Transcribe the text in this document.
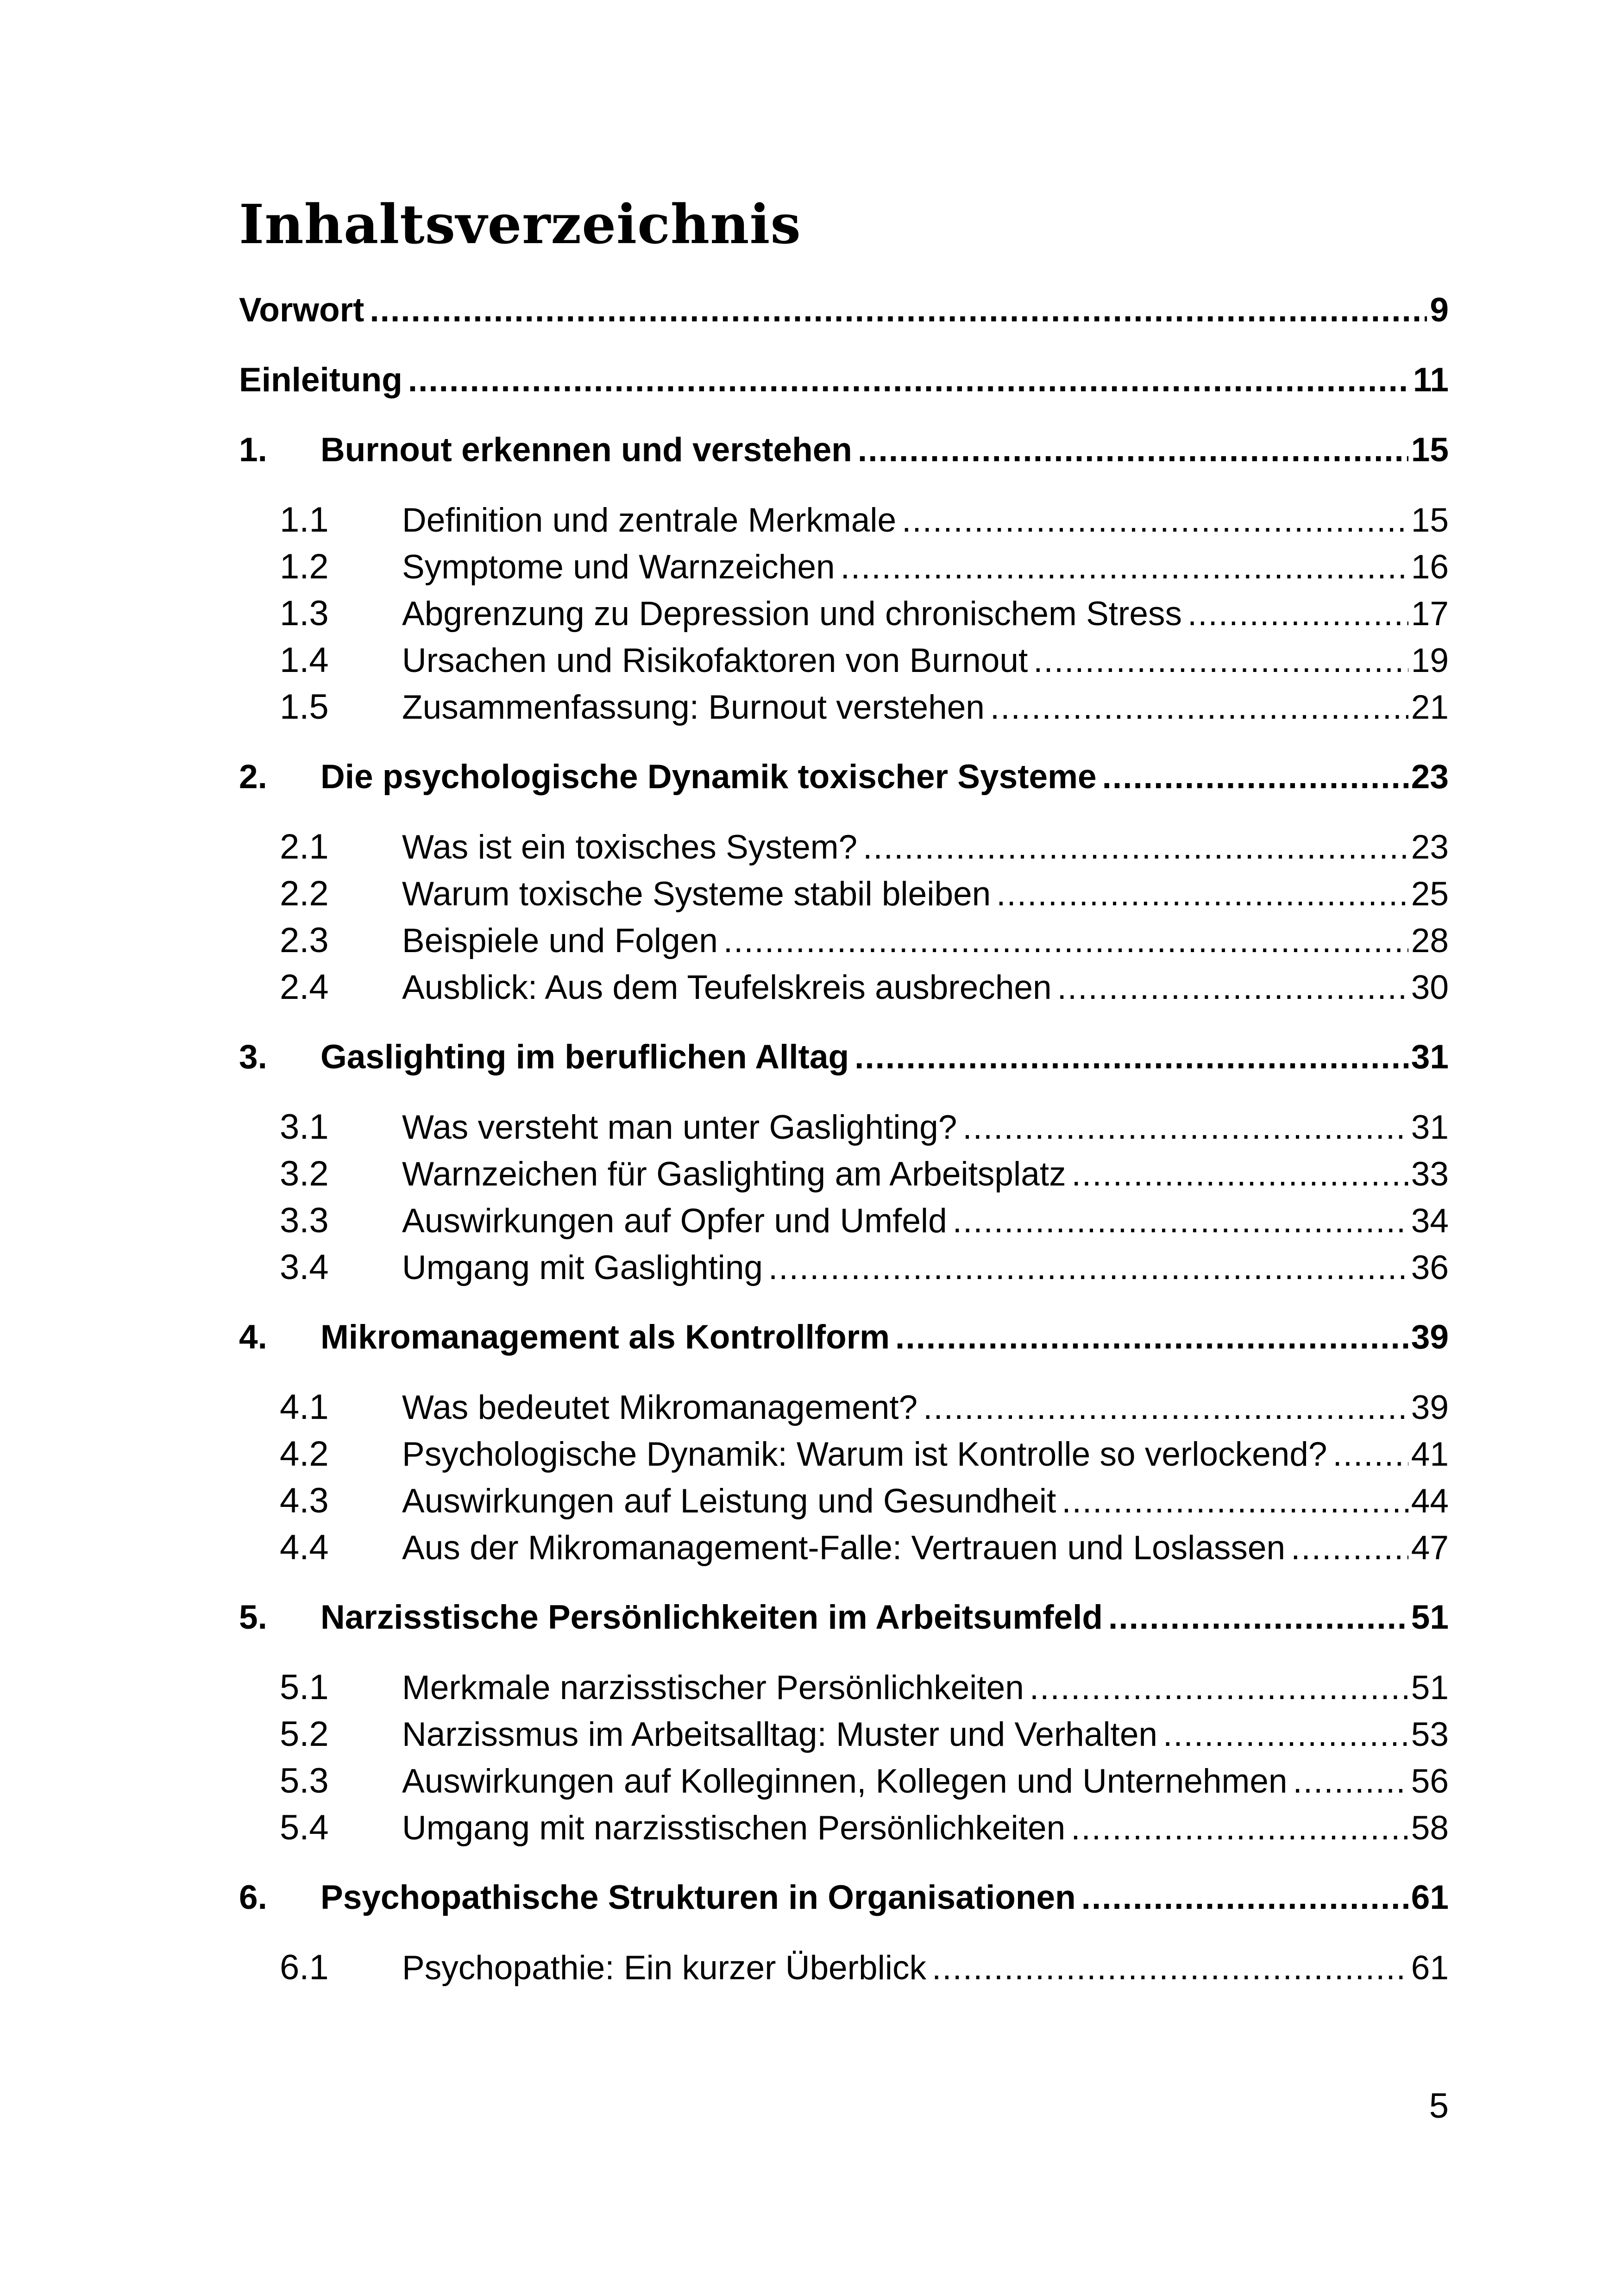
Inhaltsverzeichnis
Vorwort .....	9
Einleitung .....	11
1.	Burnout erkennen und verstehen .....	15
1.1	Definition und zentrale Merkmale .....	15
1.2	Symptome und Warnzeichen .....	16
1.3	Abgrenzung zu Depression und chronischem Stress .....	17
1.4	Ursachen und Risikofaktoren von Burnout .....	19
1.5	Zusammenfassung: Burnout verstehen .....	21
2.	Die psychologische Dynamik toxischer Systeme .....	23
2.1	Was ist ein toxisches System? .....	23
2.2	Warum toxische Systeme stabil bleiben .....	25
2.3	Beispiele und Folgen .....	28
2.4	Ausblick: Aus dem Teufelskreis ausbrechen .....	30
3.	Gaslighting im beruflichen Alltag .....	31
3.1	Was versteht man unter Gaslighting? .....	31
3.2	Warnzeichen für Gaslighting am Arbeitsplatz .....	33
3.3	Auswirkungen auf Opfer und Umfeld .....	34
3.4	Umgang mit Gaslighting .....	36
4.	Mikromanagement als Kontrollform .....	39
4.1	Was bedeutet Mikromanagement? .....	39
4.2	Psychologische Dynamik: Warum ist Kontrolle so verlockend? ..... 41
4.3	Auswirkungen auf Leistung und Gesundheit .....	44
4.4	Aus der Mikromanagement-Falle: Vertrauen und Loslassen .....	47
5.	Narzisstische Persönlichkeiten im Arbeitsumfeld .....	51
5.1	Merkmale narzisstischer Persönlichkeiten .....	51
5.2	Narzissmus im Arbeitsalltag: Muster und Verhalten .....	53
5.3	Auswirkungen auf Kolleginnen, Kollegen und Unternehmen .....	56
5.4	Umgang mit narzisstischen Persönlichkeiten .....	58
6.	Psychopathische Strukturen in Organisationen .....	61
6.1	Psychopathie: Ein kurzer Überblick .....	61
5
